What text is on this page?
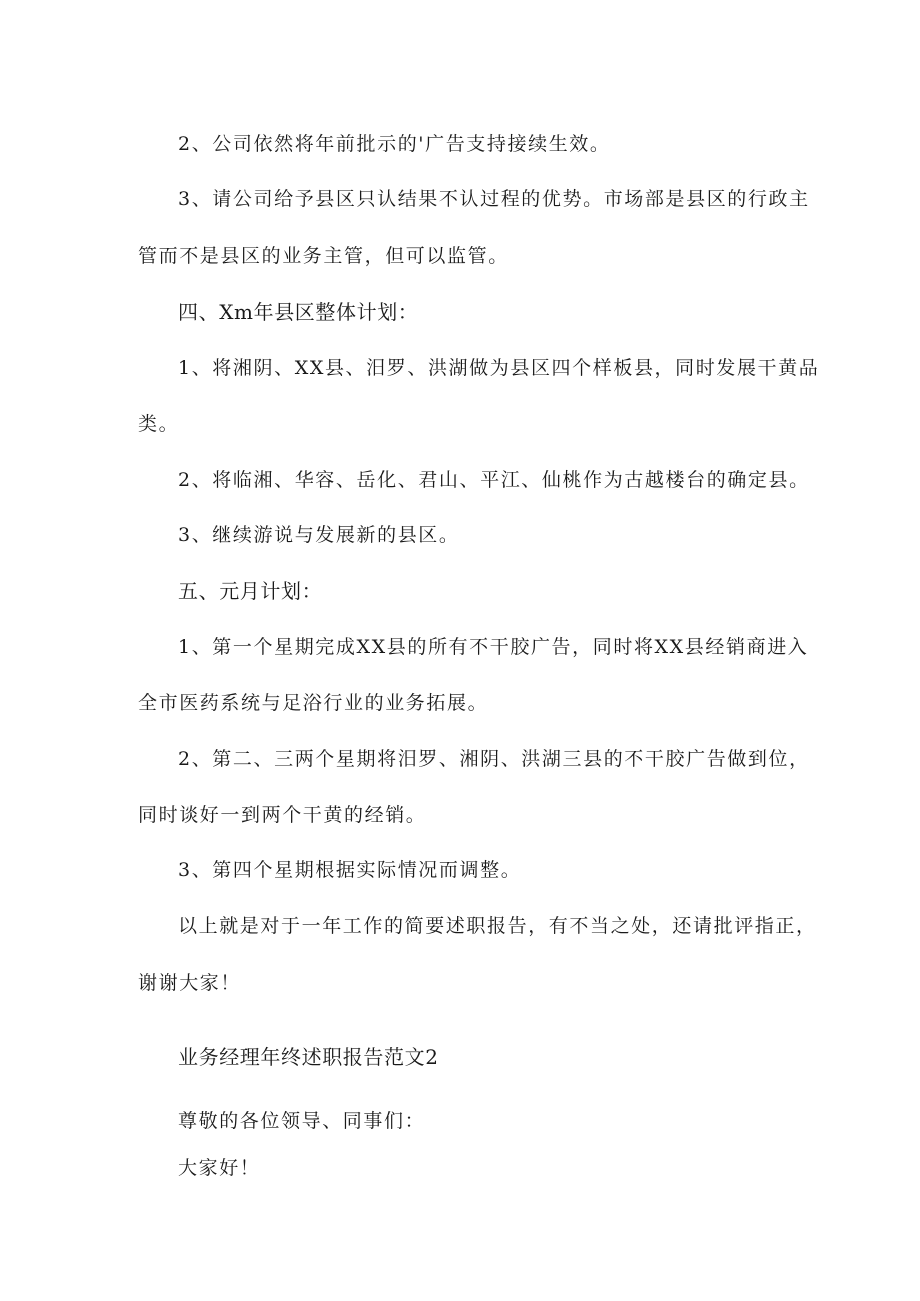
2、公司依然将年前批示的'广告支持接续生效。
3、请公司给予县区只认结果不认过程的优势。市场部是县区的行政主
管而不是县区的业务主管，但可以监管。
四、Xm年县区整体计划：
1、将湘阴、XX县、汨罗、洪湖做为县区四个样板县，同时发展干黄品
类。
2、将临湘、华容、岳化、君山、平江、仙桃作为古越楼台的确定县。
3、继续游说与发展新的县区。
五、元月计划：
1、第一个星期完成XX县的所有不干胶广告，同时将XX县经销商进入
全市医药系统与足浴行业的业务拓展。
2、第二、三两个星期将汨罗、湘阴、洪湖三县的不干胶广告做到位，
同时谈好一到两个干黄的经销。
3、第四个星期根据实际情况而调整。
以上就是对于一年工作的简要述职报告，有不当之处，还请批评指正，
谢谢大家！
业务经理年终述职报告范文2
尊敬的各位领导、同事们：
大家好！
